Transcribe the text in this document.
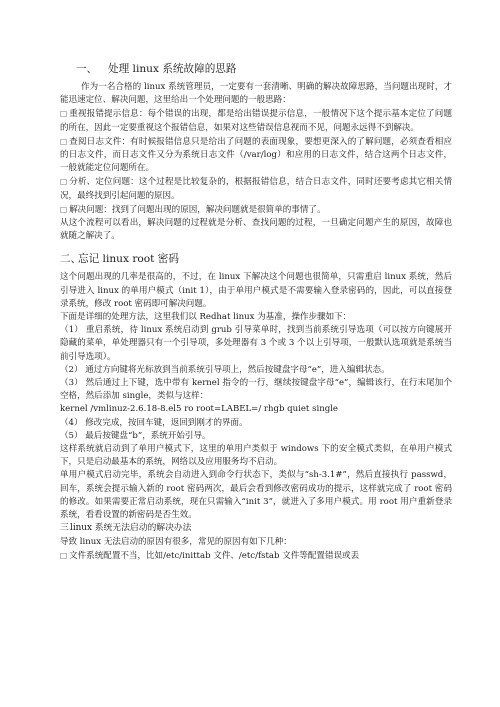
一、 处理 linux 系统故障的思路

作为一名合格的 linux 系统管理员，一定要有一套清晰、明确的解决故障思路，当问题出现时，才能迅速定位、解决问题，这里给出一个处理问题的一般思路：

□ 重视报错提示信息：每个错误的出现，都是给出错误提示信息，一般情况下这个提示基本定位了问题的所在，因此一定要重视这个报错信息，如果对这些错误信息视而不见，问题永远得不到解决。

□ 查阅日志文件：有时候报错信息只是给出了问题的表面现象，要想更深入的了解问题，必须查看相应的日志文件，而日志文件又分为系统日志文件（/var/log）和应用的日志文件，结合这两个日志文件，一般就能定位问题所在。

□ 分析、定位问题：这个过程是比较复杂的，根据报错信息，结合日志文件，同时还要考虑其它相关情况，最终找到引起问题的原因。

□ 解决问题：找到了问题出现的原因，解决问题就是很简单的事情了。

从这个流程可以看出，解决问题的过程就是分析、查找问题的过程，一旦确定问题产生的原因，故障也就随之解决了。

二、忘记 linux root 密码

这个问题出现的几率是很高的，不过，在 linux 下解决这个问题也很简单，只需重启 linux 系统，然后引导进入 linux 的单用户模式（init 1），由于单用户模式是不需要输入登录密码的，因此，可以直接登录系统，修改 root 密码即可解决问题。

下面是详细的处理方法，这里我们以 Redhat linux 为基准，操作步骤如下：

（1） 重启系统，待 linux 系统启动到 grub 引导菜单时，找到当前系统引导选项（可以按方向键展开隐藏的菜单，单处理器只有一个引导项，多处理器有 3 个或 3 个以上引导项，一般默认选项就是系统当前引导选项）。

（2） 通过方向键将光标放到当前系统引导项上，然后按键盘字母“e”，进入编辑状态。

（3） 然后通过上下键，选中带有 kernel 指令的一行，继续按键盘字母“e”，编辑该行，在行末尾加个空格，然后添加 single，类似与这样：

kernel /vmlinuz-2.6.18-8.el5 ro root=LABEL=/ rhgb quiet single

（4） 修改完成，按回车键，返回到刚才的界面。

（5） 最后按键盘“b”，系统开始引导。

这样系统就启动到了单用户模式下，这里的单用户类似于 windows 下的安全模式类似，在单用户模式下，只是启动最基本的系统，网络以及应用服务均不启动。

单用户模式启动完毕，系统会自动进入到命令行状态下，类似与“sh-3.1#”，然后直接执行 passwd，回车，系统会提示输入新的 root 密码两次，最后会看到修改密码成功的提示，这样就完成了 root 密码的修改。如果需要正常启动系统，现在只需输入“init 3”，就进入了多用户模式。用 root 用户重新登录系统，看看设置的新密码是否生效。

三linux 系统无法启动的解决办法

导致 linux 无法启动的原因有很多，常见的原因有如下几种：

□ 文件系统配置不当，比如/etc/inittab 文件、/etc/fstab 文件等配置错误或丢
